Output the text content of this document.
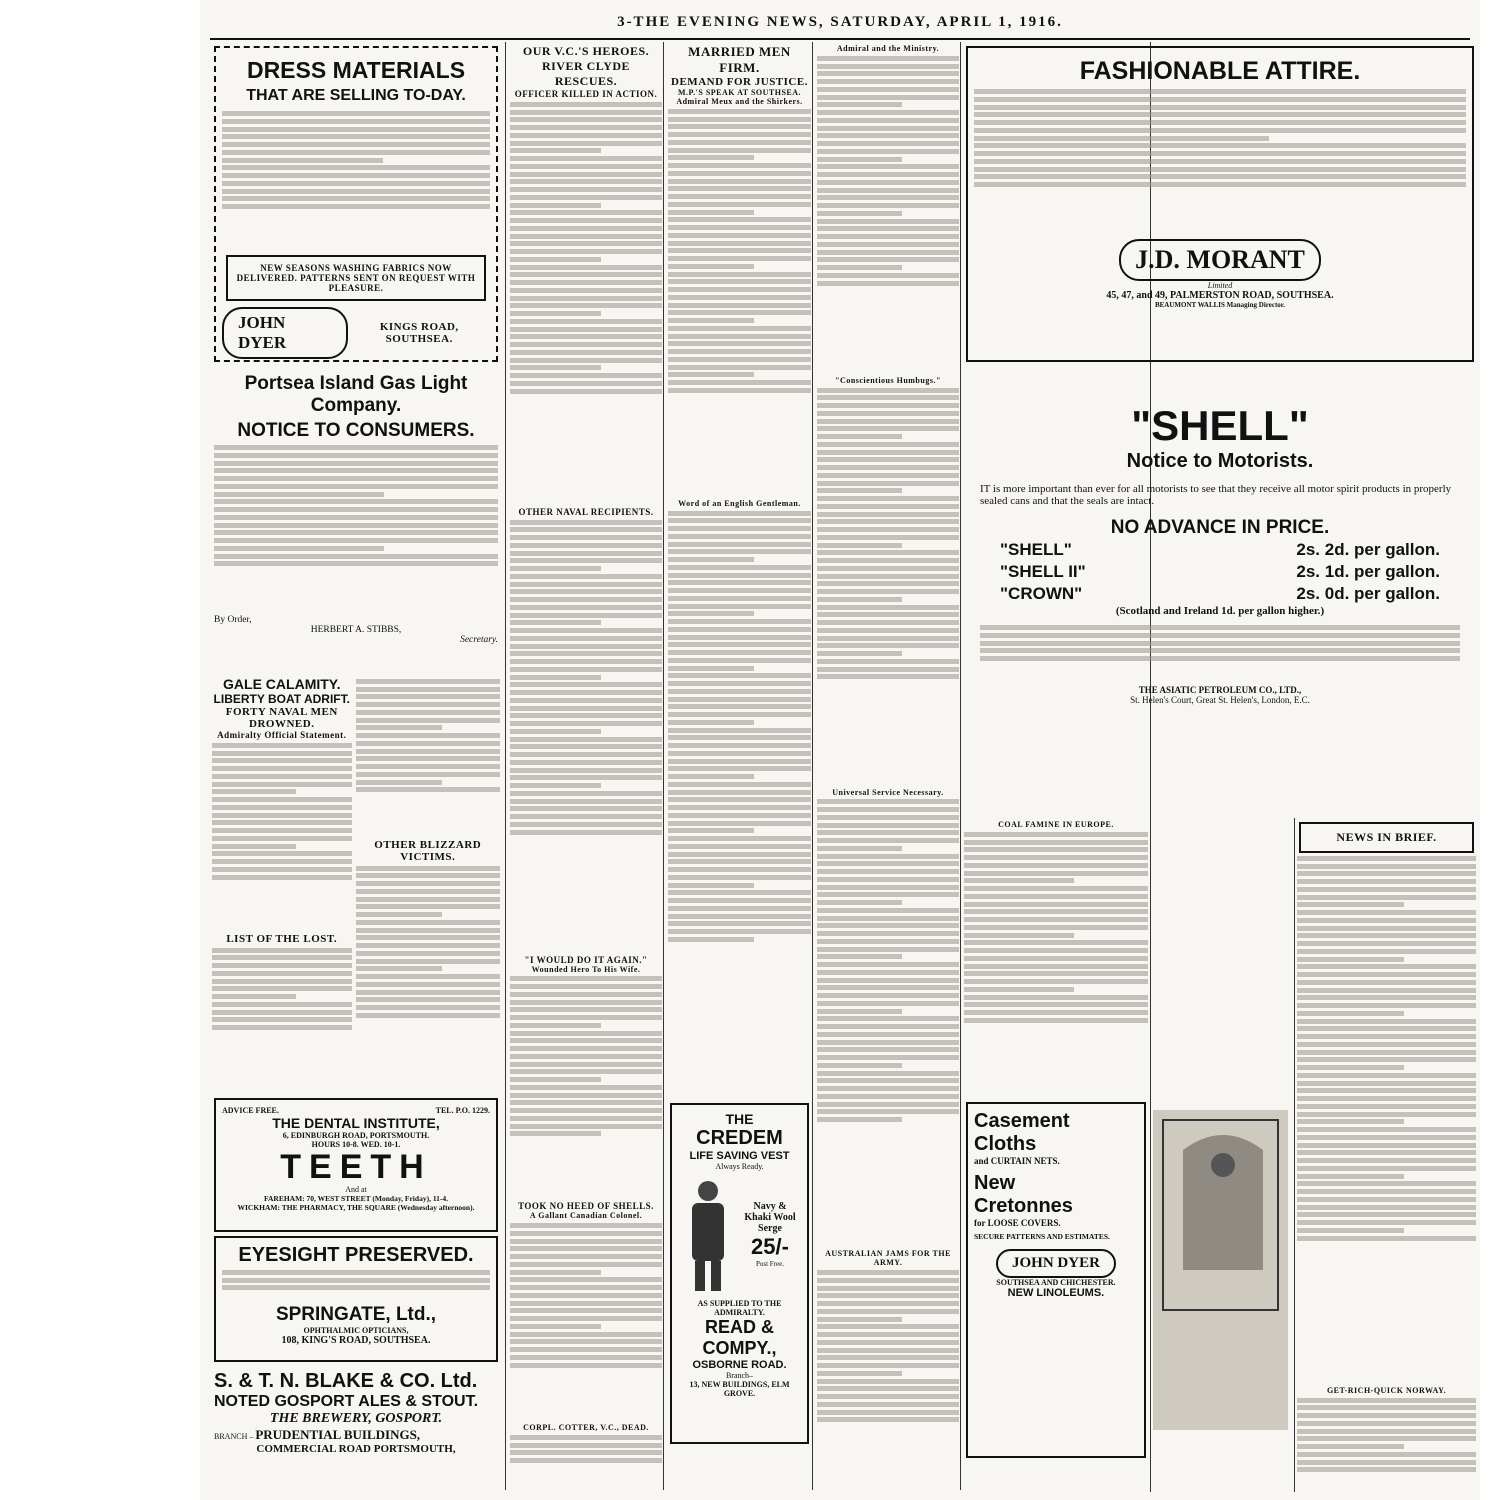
3-THE EVENING NEWS, SATURDAY, APRIL 1, 1916.
DRESS MATERIALS
THAT ARE SELLING TO-DAY.
NEW SEASONS WASHING FABRICS NOW DELIVERED. PATTERNS SENT ON REQUEST WITH PLEASURE.
JOHN DYER
KINGS ROAD, SOUTHSEA.
Portsea Island Gas Light Company.
NOTICE TO CONSUMERS.
By Order,
HERBERT A. STIBBS,
Secretary.
GALE CALAMITY.
LIBERTY BOAT ADRIFT.
FORTY NAVAL MEN DROWNED.
Admiralty Official Statement.
LIST OF THE LOST.
OTHER BLIZZARD VICTIMS.
ADVICE FREE.	TEL. P.O. 1229.
THE DENTAL INSTITUTE,
6, EDINBURGH ROAD, PORTSMOUTH.
HOURS 10-8. WED. 10-1.
TEETH
And at
FAREHAM: 70, WEST STREET (Monday, Friday), 11-4.
WICKHAM: THE PHARMACY, THE SQUARE (Wednesday afternoon).
EYESIGHT PRESERVED.
SPRINGATE, Ltd.,
OPHTHALMIC OPTICIANS,
108, KING'S ROAD, SOUTHSEA.
S. & T. N. BLAKE & CO. Ltd.
NOTED GOSPORT ALES & STOUT.
THE BREWERY, GOSPORT.
BRANCH – PRUDENTIAL BUILDINGS,
COMMERCIAL ROAD PORTSMOUTH,
OUR V.C.'S HEROES.
RIVER CLYDE RESCUES.
OFFICER KILLED IN ACTION.
OTHER NAVAL RECIPIENTS.
"I WOULD DO IT AGAIN."
Wounded Hero To His Wife.
TOOK NO HEED OF SHELLS.
A Gallant Canadian Colonel.
CORPL. COTTER, V.C., DEAD.
MARRIED MEN FIRM.
DEMAND FOR JUSTICE.
M.P.'S SPEAK AT SOUTHSEA.
Admiral Meux and the Shirkers.
Word of an English Gentleman.
THE
CREDEM
LIFE SAVING VEST
Always Ready.
Navy & Khaki Wool Serge
25/-
Post Free.
AS SUPPLIED TO THE ADMIRALTY.
READ & COMPY.,
OSBORNE ROAD.
Branch–
13, NEW BUILDINGS, ELM GROVE.
Admiral and the Ministry.
"Conscientious Humbugs."
Universal Service Necessary.
AUSTRALIAN JAMS FOR THE ARMY.
FASHIONABLE ATTIRE.
J.D. MORANT
Limited
45, 47, and 49, PALMERSTON ROAD, SOUTHSEA.
BEAUMONT WALLIS Managing Director.
"SHELL"
Notice to Motorists.
IT is more important than ever for all motorists to see that they receive all motor spirit products in properly sealed cans and that the seals are intact.
NO ADVANCE IN PRICE.
"SHELL"	2s. 2d. per gallon.
"SHELL II"	2s. 1d. per gallon.
"CROWN"	2s. 0d. per gallon.
(Scotland and Ireland 1d. per gallon higher.)
THE ASIATIC PETROLEUM CO., LTD.,
St. Helen's Court, Great St. Helen's, London, E.C.
COAL FAMINE IN EUROPE.
Casement
Cloths
and CURTAIN NETS.
New
Cretonnes
for LOOSE COVERS.
SECURE PATTERNS AND ESTIMATES.
JOHN DYER
SOUTHSEA AND CHICHESTER.
NEW LINOLEUMS.
NEWS IN BRIEF.
GET-RICH-QUICK NORWAY.
